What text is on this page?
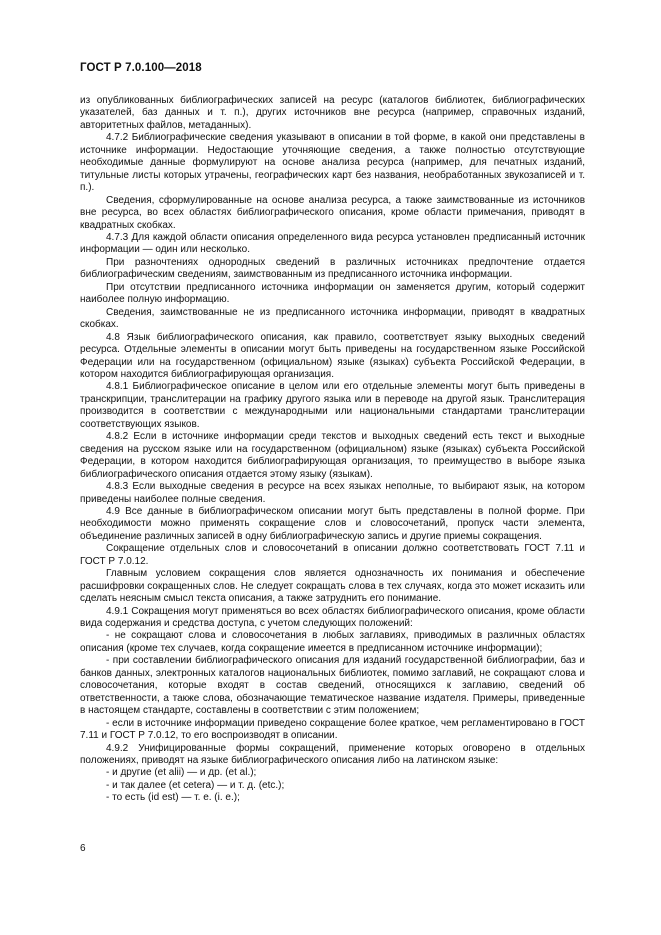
ГОСТ Р 7.0.100—2018

из опубликованных библиографических записей на ресурс (каталогов библиотек, библиографических указателей, баз данных и т. п.), других источников вне ресурса (например, справочных изданий, авторитетных файлов, метаданных).

4.7.2 Библиографические сведения указывают в описании в той форме, в какой они представлены в источнике информации. Недостающие уточняющие сведения, а также полностью отсутствующие необходимые данные формулируют на основе анализа ресурса (например, для печатных изданий, титульные листы которых утрачены, географических карт без названия, необработанных звукозаписей и т. п.).

Сведения, сформулированные на основе анализа ресурса, а также заимствованные из источников вне ресурса, во всех областях библиографического описания, кроме области примечания, приводят в квадратных скобках.

4.7.3 Для каждой области описания определенного вида ресурса установлен предписанный источник информации — один или несколько.

При разночтениях однородных сведений в различных источниках предпочтение отдается библиографическим сведениям, заимствованным из предписанного источника информации.

При отсутствии предписанного источника информации он заменяется другим, который содержит наиболее полную информацию.

Сведения, заимствованные не из предписанного источника информации, приводят в квадратных скобках.

4.8 Язык библиографического описания, как правило, соответствует языку выходных сведений ресурса. Отдельные элементы в описании могут быть приведены на государственном языке Российской Федерации или на государственном (официальном) языке (языках) субъекта Российской Федерации, в котором находится библиографирующая организация.

4.8.1 Библиографическое описание в целом или его отдельные элементы могут быть приведены в транскрипции, транслитерации на графику другого языка или в переводе на другой язык. Транслитерация производится в соответствии с международными или национальными стандартами транслитерации соответствующих языков.

4.8.2 Если в источнике информации среди текстов и выходных сведений есть текст и выходные сведения на русском языке или на государственном (официальном) языке (языках) субъекта Российской Федерации, в котором находится библиографирующая организация, то преимущество в выборе языка библиографического описания отдается этому языку (языкам).

4.8.3 Если выходные сведения в ресурсе на всех языках неполные, то выбирают язык, на котором приведены наиболее полные сведения.

4.9 Все данные в библиографическом описании могут быть представлены в полной форме. При необходимости можно применять сокращение слов и словосочетаний, пропуск части элемента, объединение различных записей в одну библиографическую запись и другие приемы сокращения.

Сокращение отдельных слов и словосочетаний в описании должно соответствовать ГОСТ 7.11 и ГОСТ Р 7.0.12.

Главным условием сокращения слов является однозначность их понимания и обеспечение расшифровки сокращенных слов. Не следует сокращать слова в тех случаях, когда это может исказить или сделать неясным смысл текста описания, а также затруднить его понимание.

4.9.1 Сокращения могут применяться во всех областях библиографического описания, кроме области вида содержания и средства доступа, с учетом следующих положений:

- не сокращают слова и словосочетания в любых заглавиях, приводимых в различных областях описания (кроме тех случаев, когда сокращение имеется в предписанном источнике информации);

- при составлении библиографического описания для изданий государственной библиографии, баз и банков данных, электронных каталогов национальных библиотек, помимо заглавий, не сокращают слова и словосочетания, которые входят в состав сведений, относящихся к заглавию, сведений об ответственности, а также слова, обозначающие тематическое название издателя. Примеры, приведенные в настоящем стандарте, составлены в соответствии с этим положением;

- если в источнике информации приведено сокращение более краткое, чем регламентировано в ГОСТ 7.11 и ГОСТ Р 7.0.12, то его воспроизводят в описании.

4.9.2 Унифицированные формы сокращений, применение которых оговорено в отдельных положениях, приводят на языке библиографического описания либо на латинском языке:

- и другие (et alii) — и др. (et al.);

- и так далее (et cetera) — и т. д. (etc.);

- то есть (id est) — т. е. (i. e.);

6
